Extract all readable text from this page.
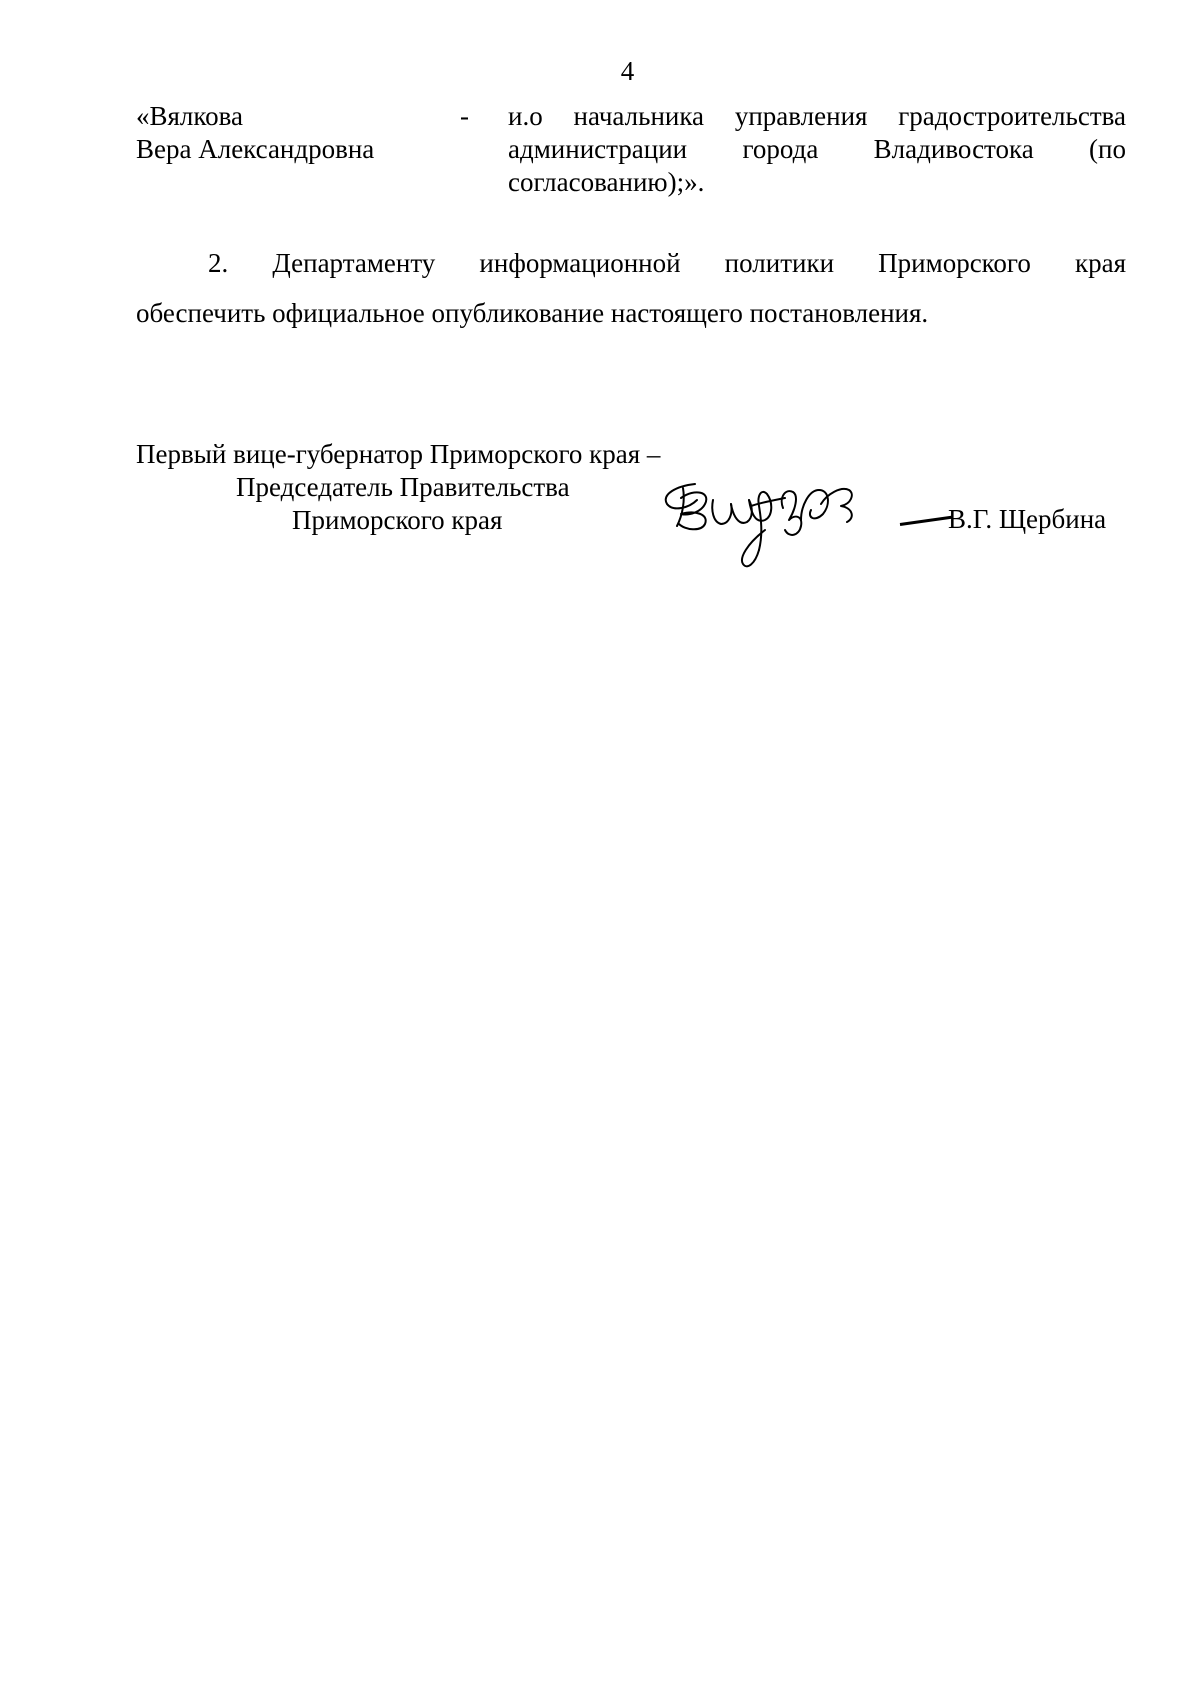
4
«Вялкова
Вера Александровна
- и.о начальника управления градостроительства
администрации города Владивостока (по
согласованию);».
2. Департаменту информационной политики Приморского края
обеспечить официальное опубликование настоящего постановления.
Первый вице-губернатор Приморского края –
Председатель Правительства
Приморского края	В.Г. Щербина
